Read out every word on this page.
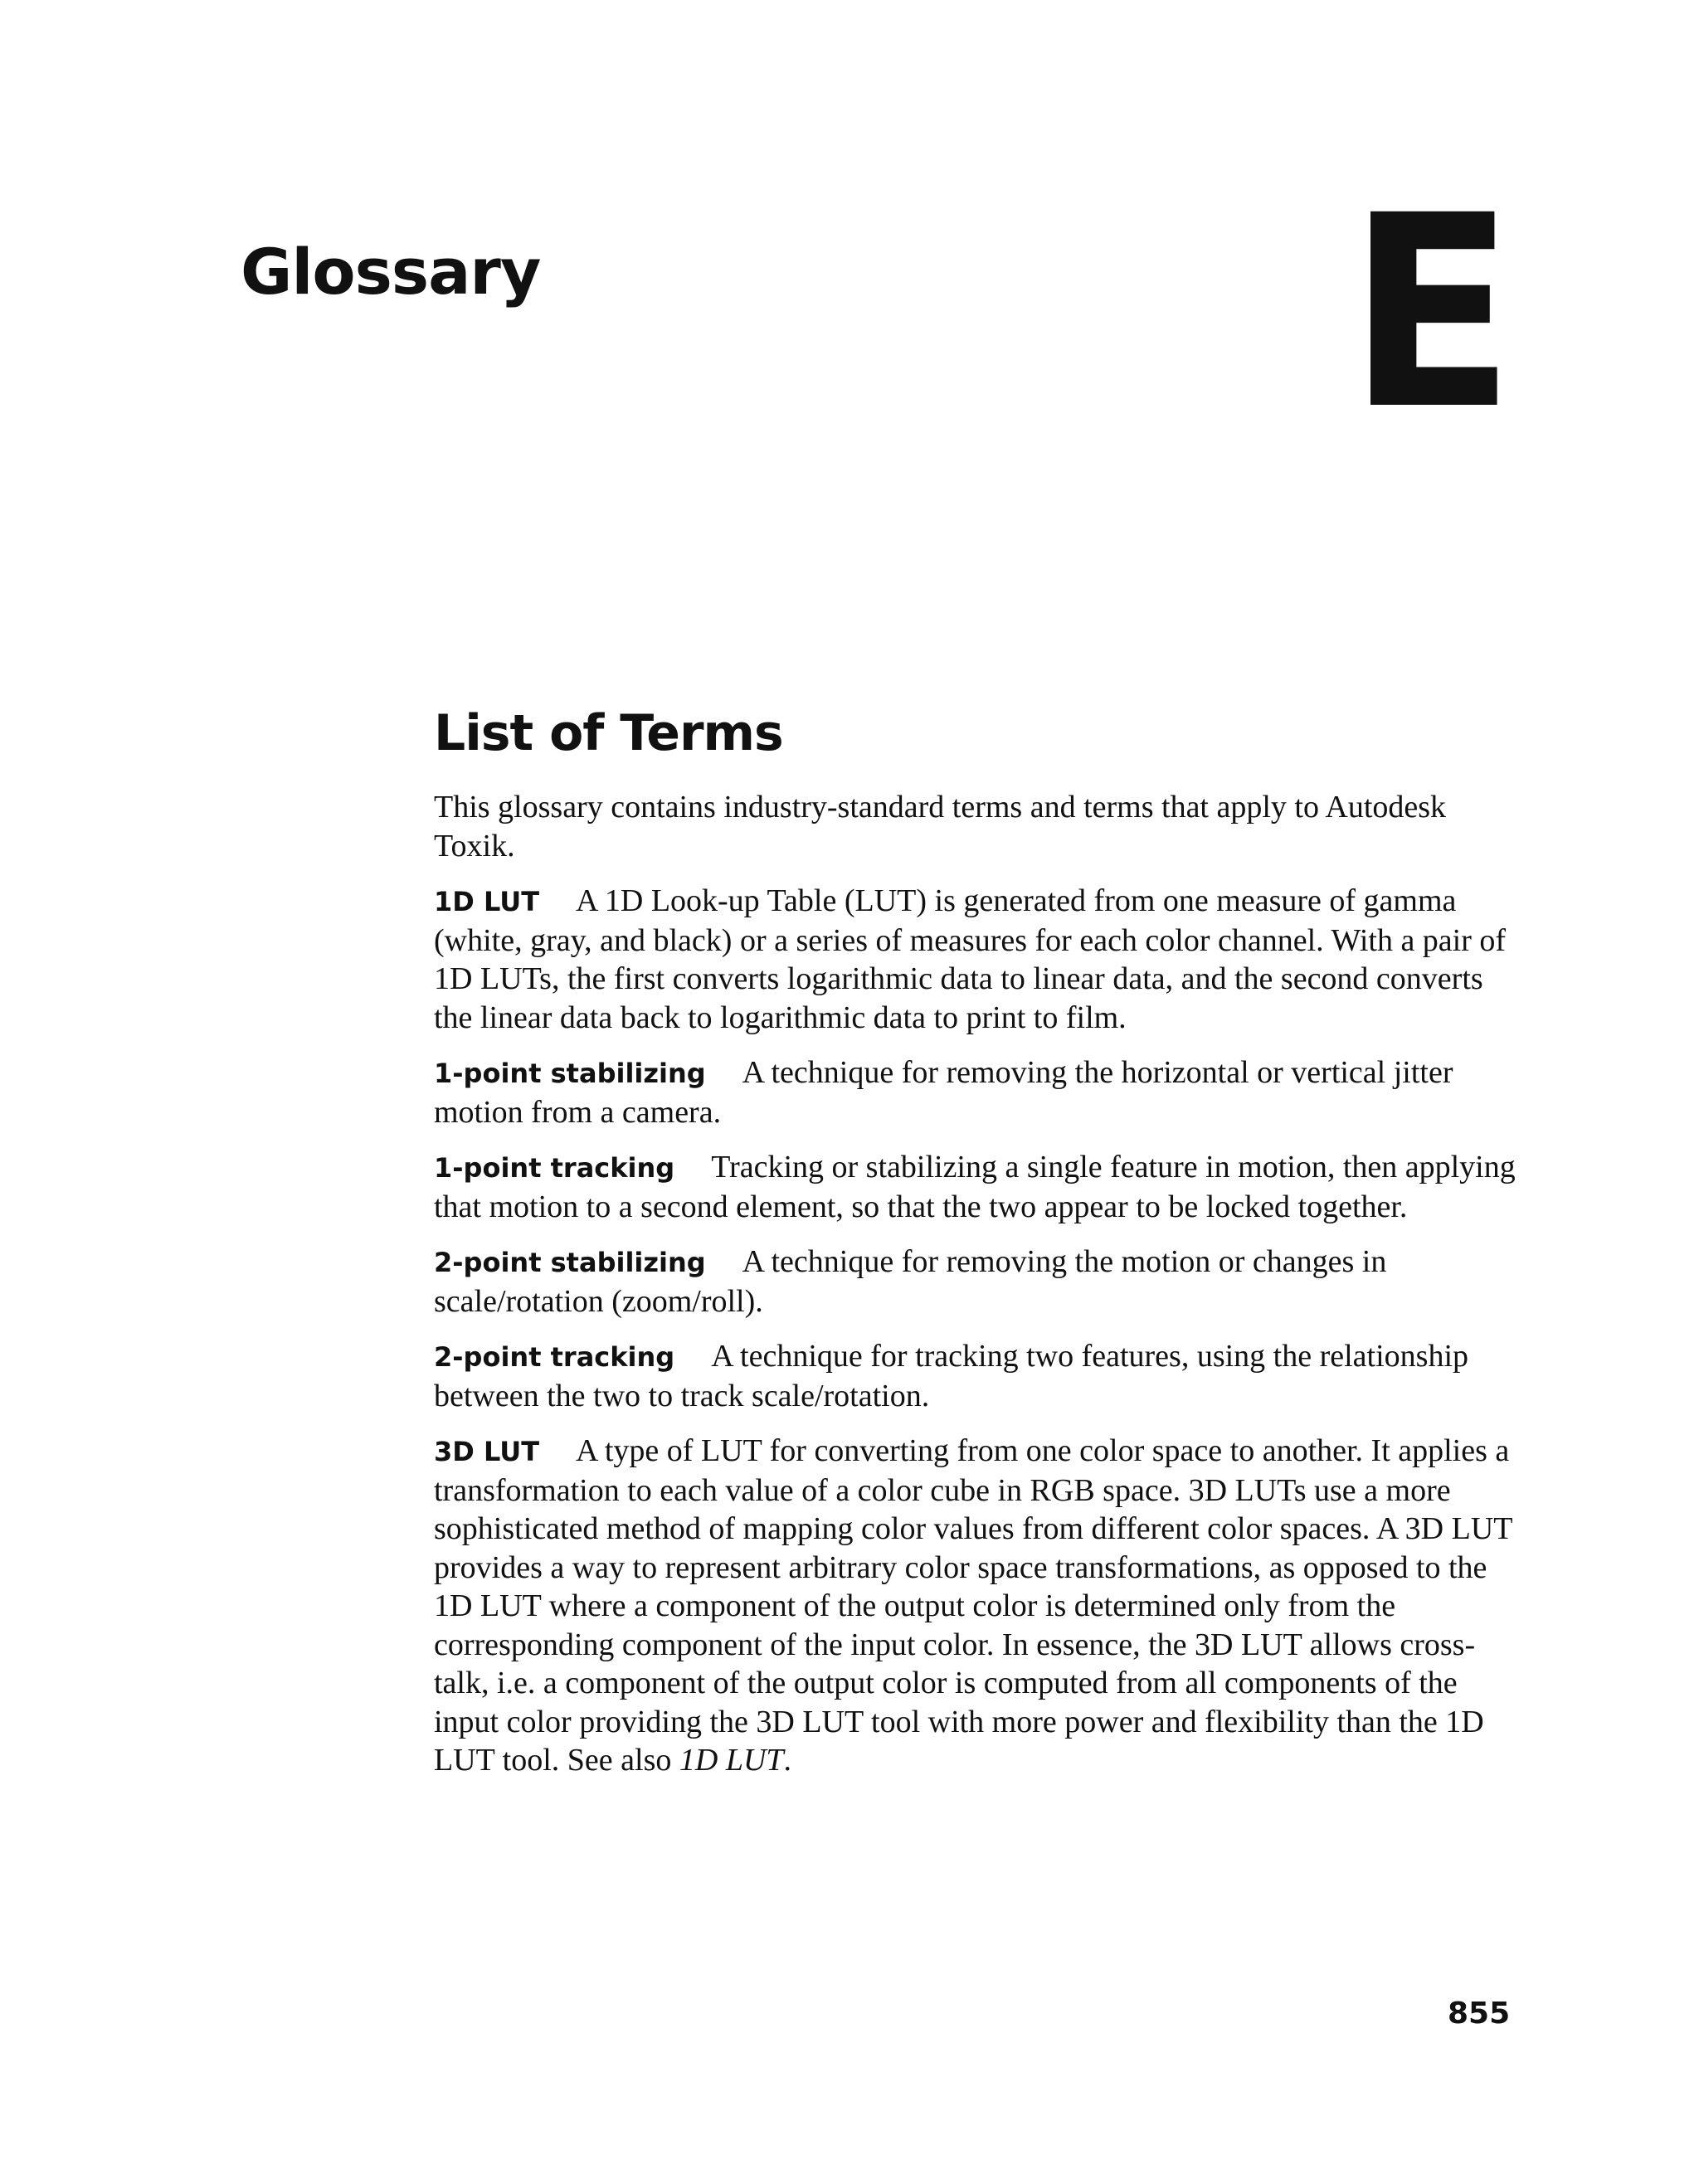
Glossary	E
List of Terms

This glossary contains industry-standard terms and terms that apply to Autodesk Toxik.

1D LUT A 1D Look-up Table (LUT) is generated from one measure of gamma (white, gray, and black) or a series of measures for each color channel. With a pair of 1D LUTs, the first converts logarithmic data to linear data, and the second converts the linear data back to logarithmic data to print to film.

1-point stabilizing A technique for removing the horizontal or vertical jitter motion from a camera.

1-point tracking Tracking or stabilizing a single feature in motion, then applying that motion to a second element, so that the two appear to be locked together.

2-point stabilizing A technique for removing the motion or changes in scale/rotation (zoom/roll).

2-point tracking A technique for tracking two features, using the relationship between the two to track scale/rotation.

3D LUT A type of LUT for converting from one color space to another. It applies a transformation to each value of a color cube in RGB space. 3D LUTs use a more sophisticated method of mapping color values from different color spaces. A 3D LUT provides a way to represent arbitrary color space transformations, as opposed to the 1D LUT where a component of the output color is determined only from the corresponding component of the input color. In essence, the 3D LUT allows cross-talk, i.e. a component of the output color is computed from all components of the input color providing the 3D LUT tool with more power and flexibility than the 1D LUT tool. See also 1D LUT.

855
